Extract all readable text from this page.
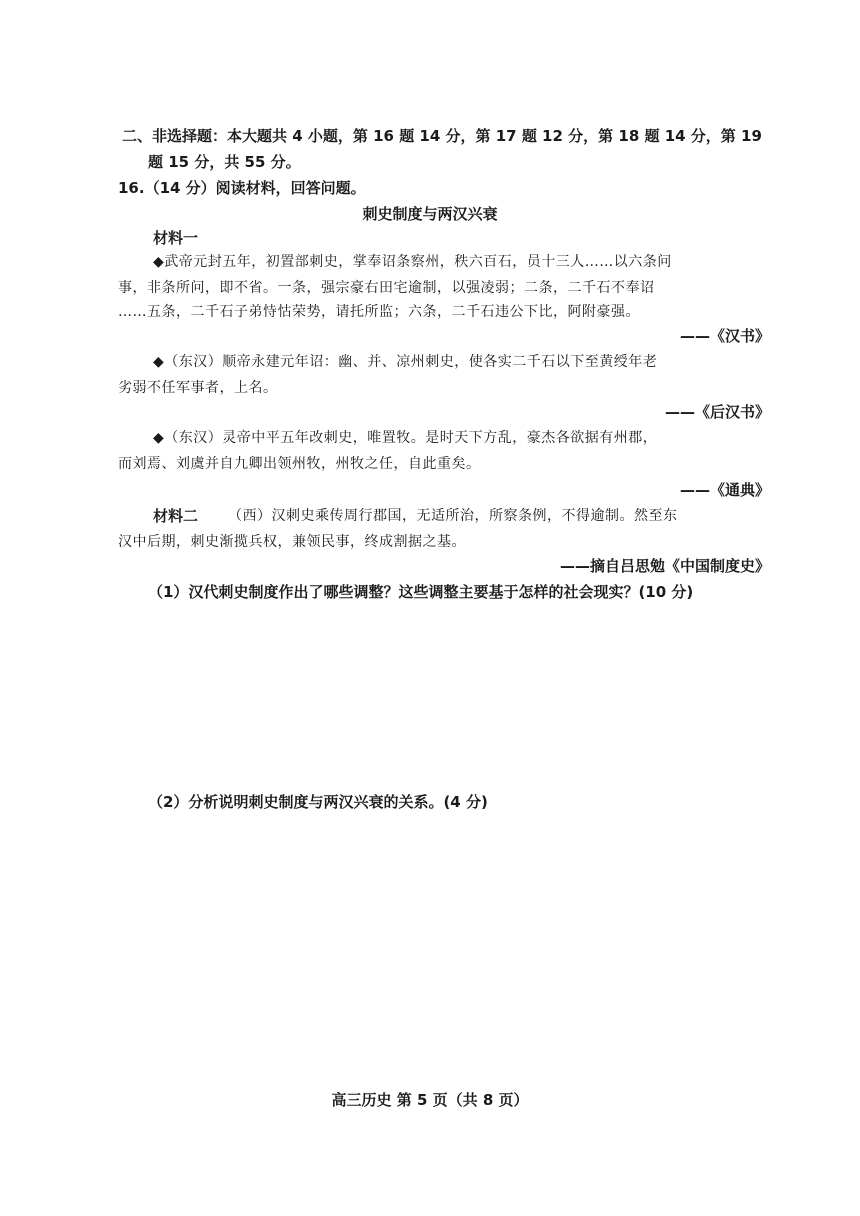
二、非选择题：本大题共 4 小题，第 16 题 14 分，第 17 题 12 分，第 18 题 14 分，第 19
题 15 分，共 55 分。
16.（14 分）阅读材料，回答问题。
刺史制度与两汉兴衰
材料一
◆武帝元封五年，初置部刺史，掌奉诏条察州，秩六百石，员十三人……以六条问
事，非条所问，即不省。一条，强宗豪右田宅逾制，以强凌弱；二条，二千石不奉诏
……五条，二千石子弟恃怙荣势，请托所监；六条，二千石违公下比，阿附豪强。
——《汉书》
◆（东汉）顺帝永建元年诏：幽、并、凉州刺史，使各实二千石以下至黄绶年老
劣弱不任军事者，上名。
——《后汉书》
◆（东汉）灵帝中平五年改刺史，唯置牧。是时天下方乱，豪杰各欲据有州郡，
而刘焉、刘虞并自九卿出领州牧，州牧之任，自此重矣。
——《通典》
材料二 （西）汉刺史乘传周行郡国，无适所治，所察条例，不得逾制。然至东
汉中后期，刺史渐揽兵权，兼领民事，终成割据之基。
——摘自吕思勉《中国制度史》
（1）汉代刺史制度作出了哪些调整？这些调整主要基于怎样的社会现实？(10 分)
（2）分析说明刺史制度与两汉兴衰的关系。(4 分)
高三历史 第 5 页（共 8 页）
